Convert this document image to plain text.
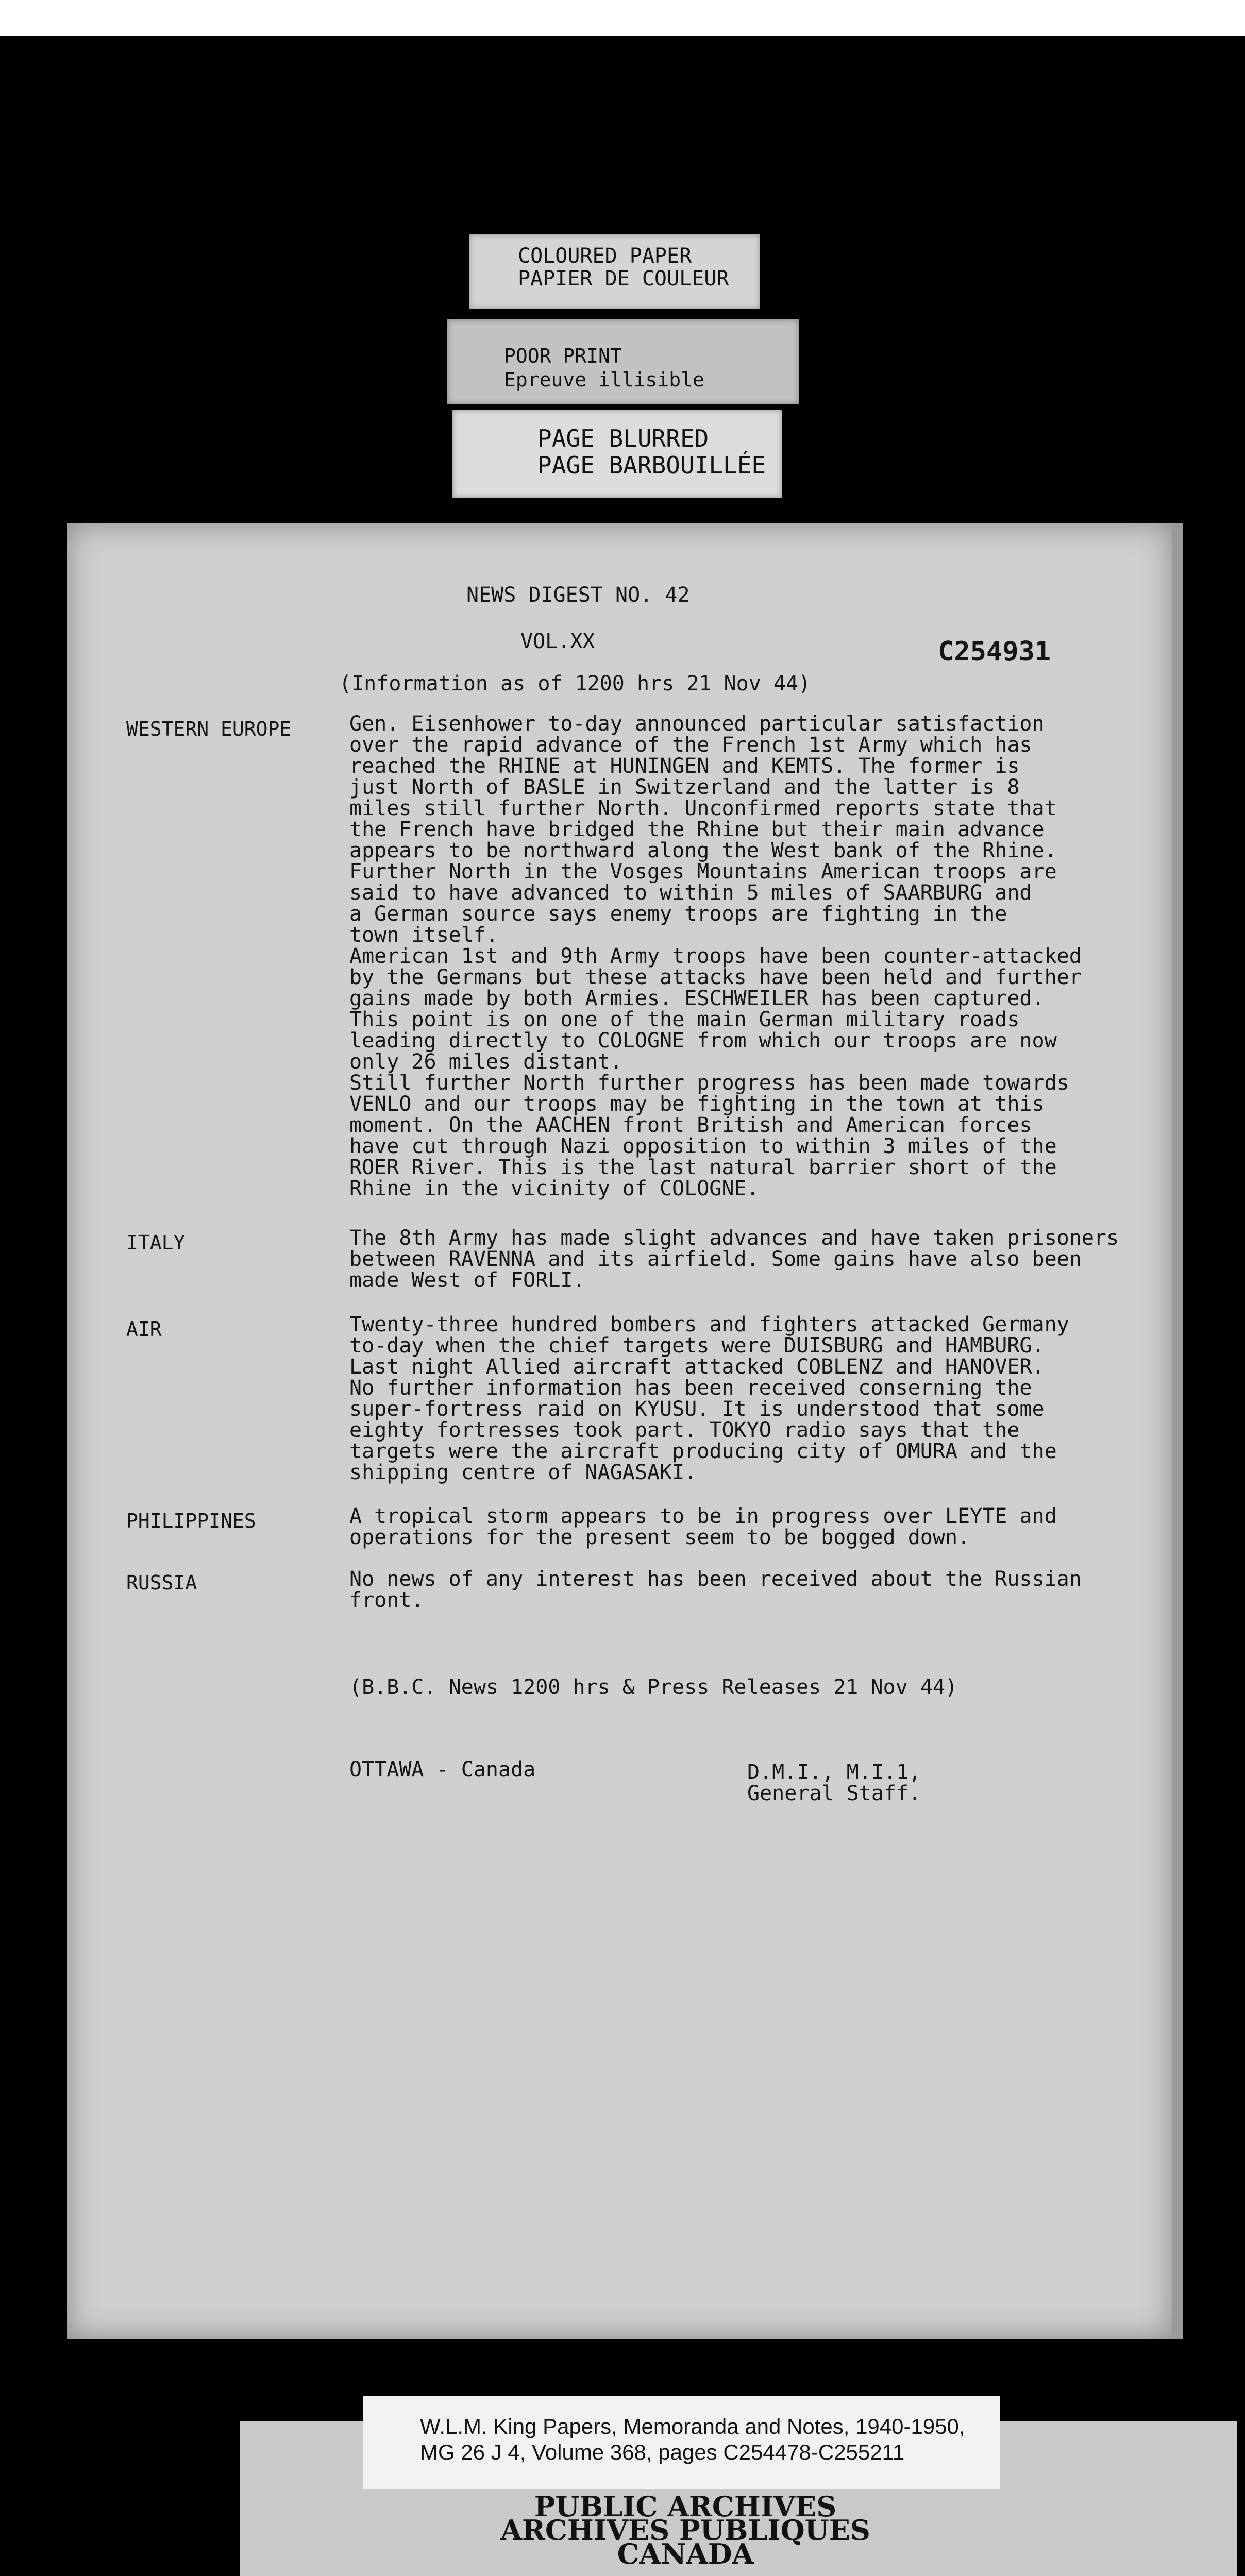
COLOURED PAPER
PAPIER DE COULEUR
POOR PRINT
Epreuve illisible
PAGE BLURRED
PAGE BARBOUILLÉE
NEWS DIGEST NO. 42
VOL.XX	C254931
(Information as of 1200 hrs 21 Nov 44)
WESTERN EUROPE	Gen. Eisenhower to-day announced particular satisfaction
over the rapid advance of the French 1st Army which has
reached the RHINE at HUNINGEN and KEMTS. The former is
just North of BASLE in Switzerland and the latter is 8
miles still further North. Unconfirmed reports state that
the French have bridged the Rhine but their main advance
appears to be northward along the West bank of the Rhine.
Further North in the Vosges Mountains American troops are
said to have advanced to within 5 miles of SAARBURG and
a German source says enemy troops are fighting in the
town itself.
American 1st and 9th Army troops have been counter-attacked
by the Germans but these attacks have been held and further
gains made by both Armies. ESCHWEILER has been captured.
This point is on one of the main German military roads
leading directly to COLOGNE from which our troops are now
only 26 miles distant.
Still further North further progress has been made towards
VENLO and our troops may be fighting in the town at this
moment. On the AACHEN front British and American forces
have cut through Nazi opposition to within 3 miles of the
ROER River. This is the last natural barrier short of the
Rhine in the vicinity of COLOGNE.
ITALY	The 8th Army has made slight advances and have taken prisoners
between RAVENNA and its airfield. Some gains have also been
made West of FORLI.
AIR	Twenty-three hundred bombers and fighters attacked Germany
to-day when the chief targets were DUISBURG and HAMBURG.
Last night Allied aircraft attacked COBLENZ and HANOVER.
No further information has been received conserning the
super-fortress raid on KYUSU. It is understood that some
eighty fortresses took part. TOKYO radio says that the
targets were the aircraft producing city of OMURA and the
shipping centre of NAGASAKI.
PHILIPPINES	A tropical storm appears to be in progress over LEYTE and
operations for the present seem to be bogged down.
RUSSIA	No news of any interest has been received about the Russian
front.
(B.B.C. News 1200 hrs & Press Releases 21 Nov 44)
OTTAWA - Canada	D.M.I., M.I.1,
General Staff.
W.L.M. King Papers, Memoranda and Notes, 1940-1950,
MG 26 J 4, Volume 368, pages C254478-C255211
PUBLIC ARCHIVES
ARCHIVES PUBLIQUES
CANADA
